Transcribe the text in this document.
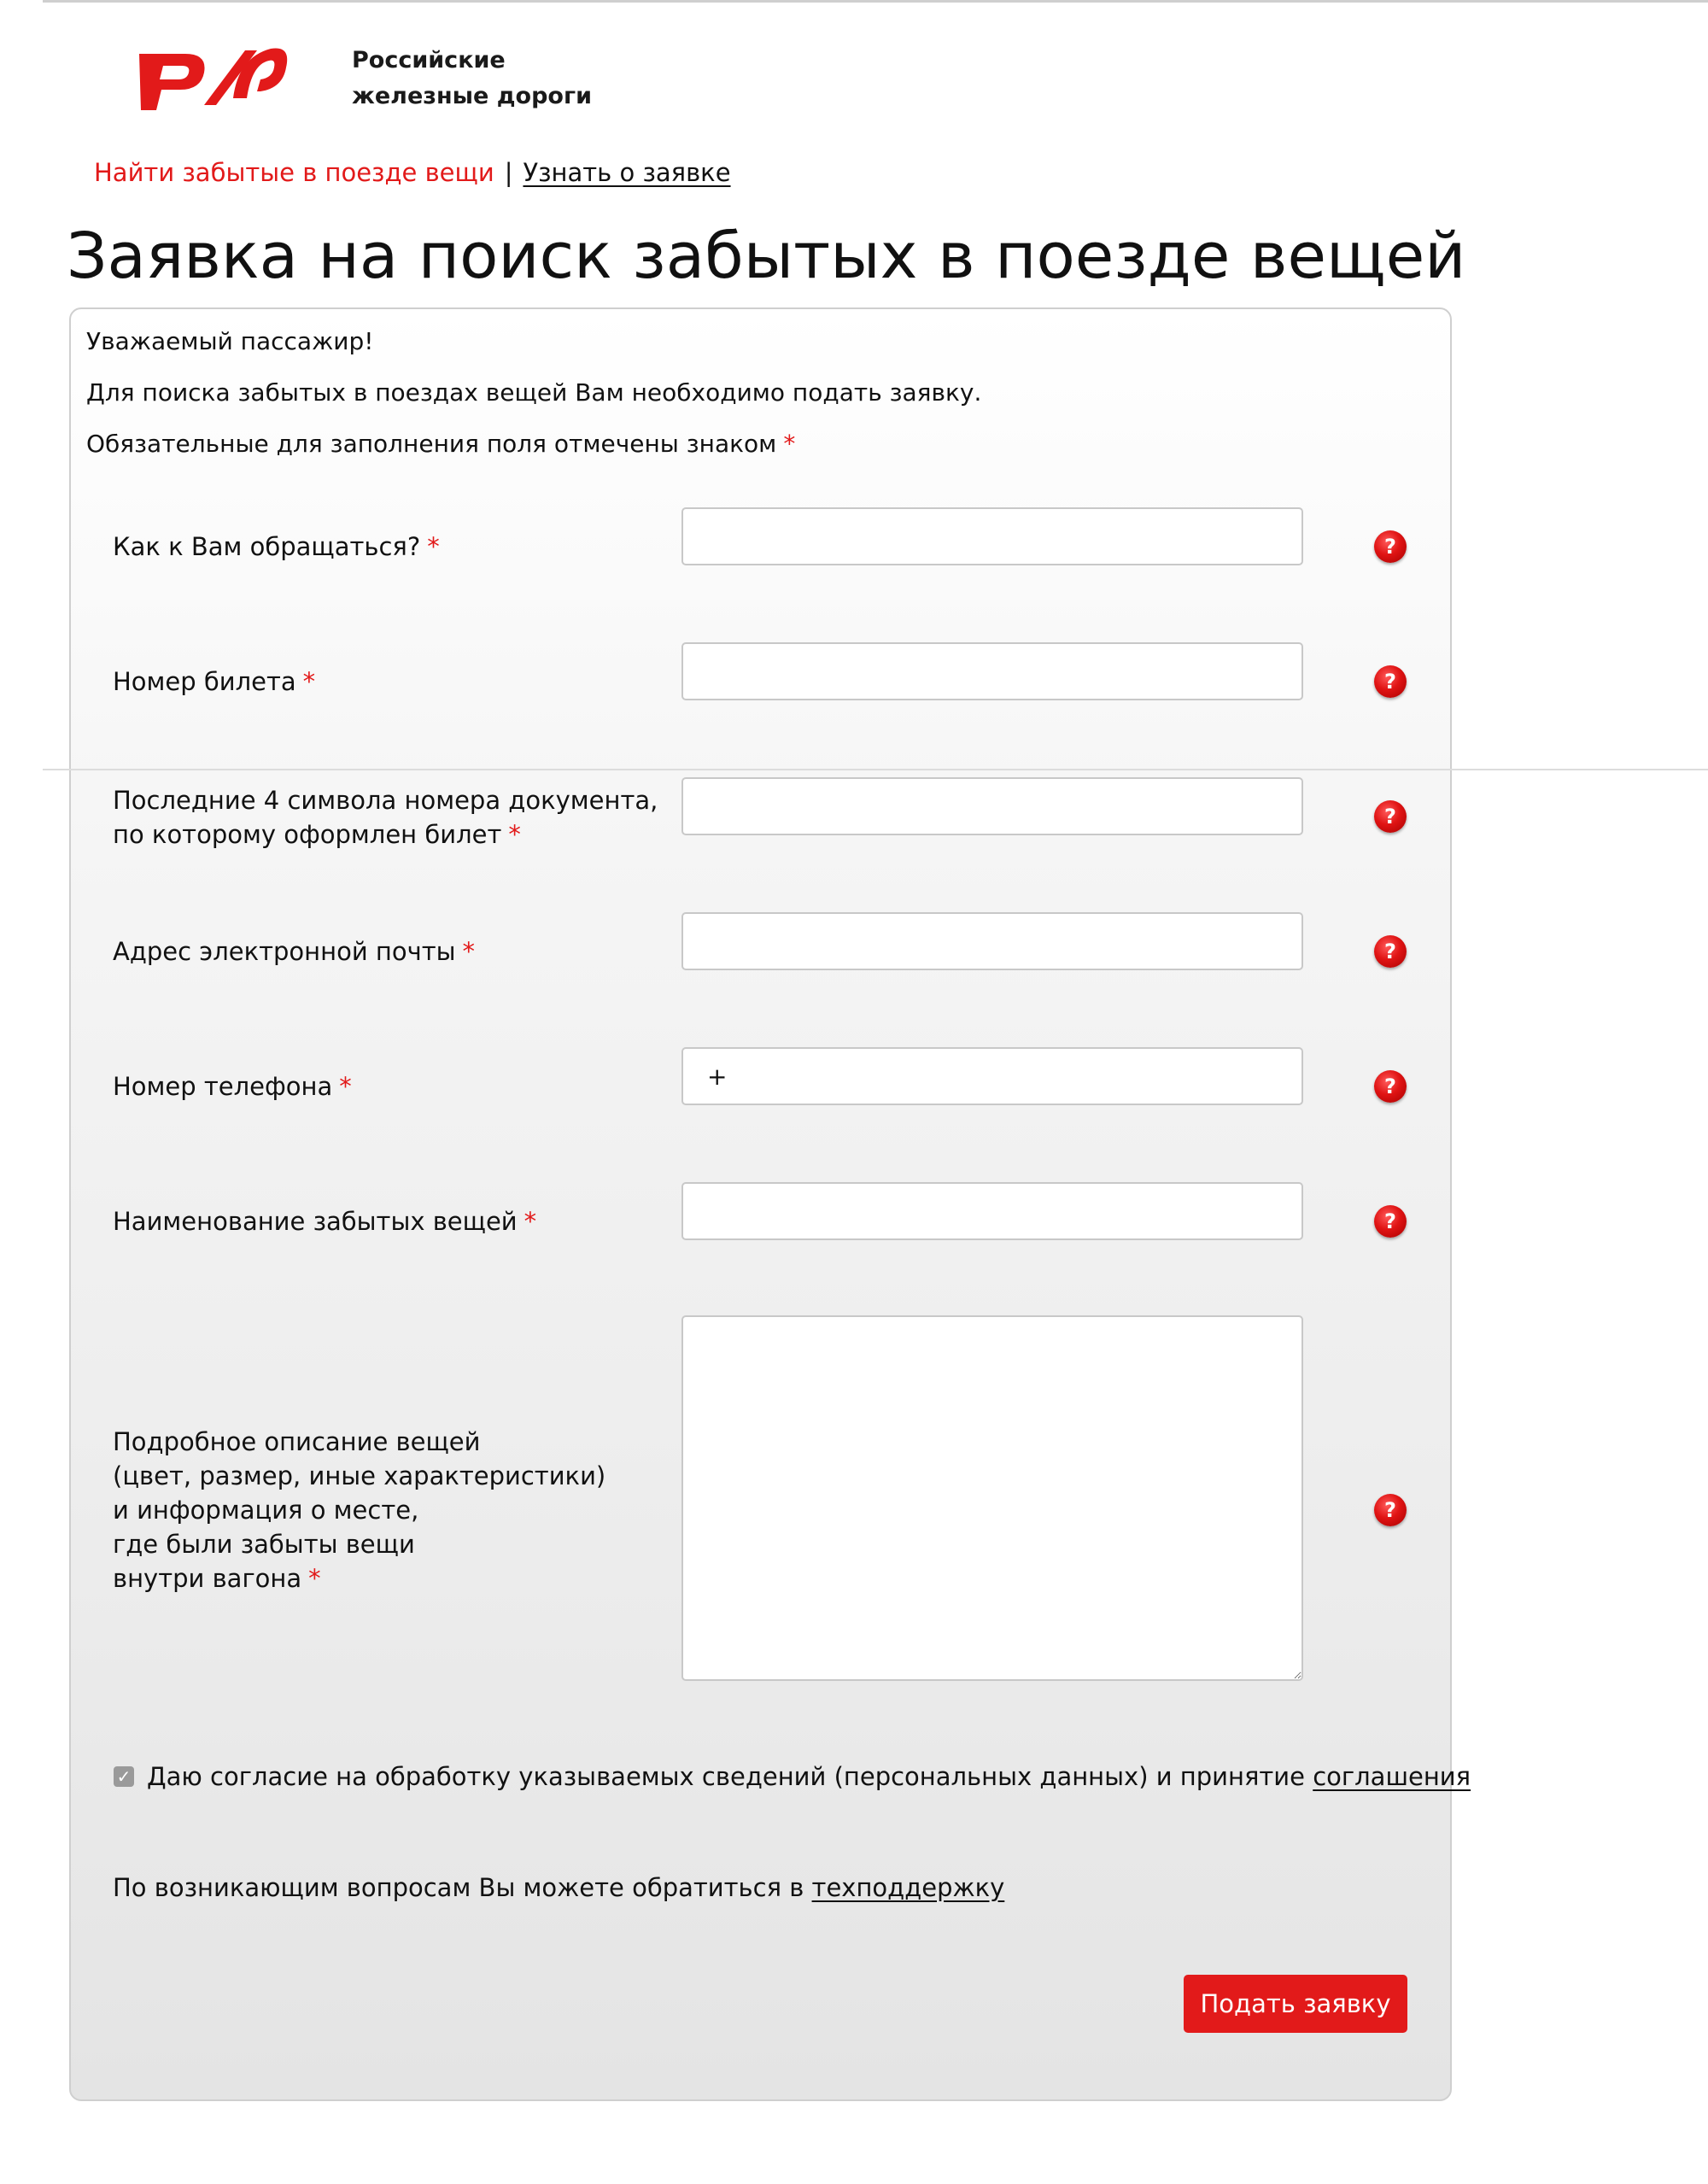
Российские
железные дороги
Найти забытые в поезде вещи | Узнать о заявке
Заявка на поиск забытых в поезде вещей
Уважаемый пассажир!
Для поиска забытых в поездах вещей Вам необходимо подать заявку.
Обязательные для заполнения поля отмечены знаком *
Как к Вам обращаться? *	?
Номер билета *	?
Последние 4 символа номера документа,
по которому оформлен билет *
?
Адрес электронной почты *	?
Номер телефона *
+	?
Наименование забытых вещей *	?
Подробное описание вещей
(цвет, размер, иные характеристики)
и информация о месте,
где были забыты вещи
внутри вагона *
?
✓ Даю согласие на обработку указываемых сведений (персональных данных) и принятие соглашения
По возникающим вопросам Вы можете обратиться в техподдержку
Подать заявку
